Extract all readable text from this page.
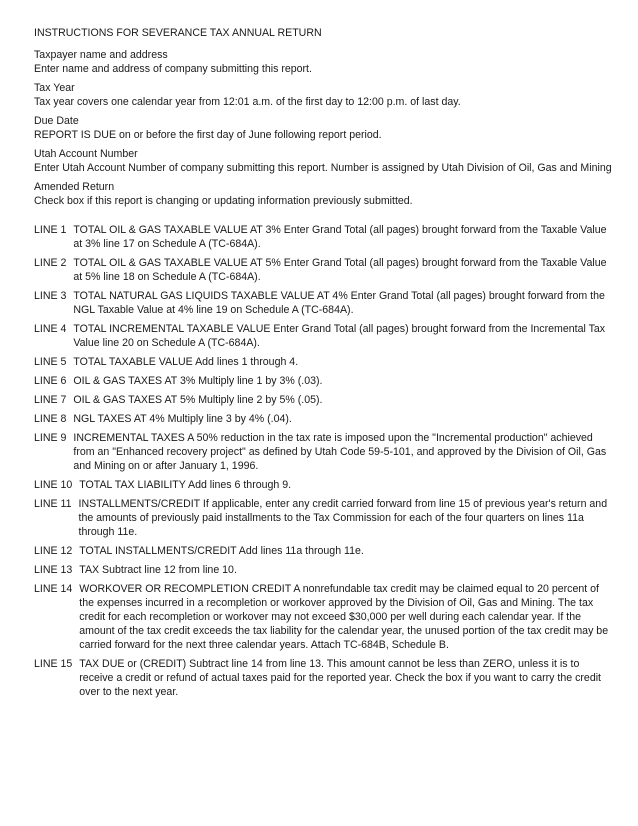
INSTRUCTIONS FOR SEVERANCE TAX ANNUAL RETURN
Taxpayer name and address
Enter name and address of company submitting this report.
Tax Year
Tax year covers one calendar year from 12:01 a.m. of the first day to 12:00 p.m. of last day.
Due Date
REPORT IS DUE on or before the first day of June following report period.
Utah Account Number
Enter Utah Account Number of company submitting this report. Number is assigned by Utah Division of Oil, Gas and Mining
Amended Return
Check box if this report is changing or updating information previously submitted.
LINE 1 TOTAL OIL & GAS TAXABLE VALUE AT 3% Enter Grand Total (all pages) brought forward from the Taxable Value at 3% line 17 on Schedule A (TC-684A).
LINE 2 TOTAL OIL & GAS TAXABLE VALUE AT 5% Enter Grand Total (all pages) brought forward from the Taxable Value at 5% line 18 on Schedule A (TC-684A).
LINE 3 TOTAL NATURAL GAS LIQUIDS TAXABLE VALUE AT 4% Enter Grand Total (all pages) brought forward from the NGL Taxable Value at 4% line 19 on Schedule A (TC-684A).
LINE 4 TOTAL INCREMENTAL TAXABLE VALUE Enter Grand Total (all pages) brought forward from the Incremental Tax Value line 20 on Schedule A (TC-684A).
LINE 5 TOTAL TAXABLE VALUE Add lines 1 through 4.
LINE 6 OIL & GAS TAXES AT 3% Multiply line 1 by 3% (.03).
LINE 7 OIL & GAS TAXES AT 5% Multiply line 2 by 5% (.05).
LINE 8 NGL TAXES AT 4% Multiply line 3 by 4% (.04).
LINE 9 INCREMENTAL TAXES A 50% reduction in the tax rate is imposed upon the "Incremental production" achieved from an "Enhanced recovery project" as defined by Utah Code 59-5-101, and approved by the Division of Oil, Gas and Mining on or after January 1, 1996.
LINE 10 TOTAL TAX LIABILITY Add lines 6 through 9.
LINE 11 INSTALLMENTS/CREDIT If applicable, enter any credit carried forward from line 15 of previous year's return and the amounts of previously paid installments to the Tax Commission for each of the four quarters on lines 11a through 11e.
LINE 12 TOTAL INSTALLMENTS/CREDIT Add lines 11a through 11e.
LINE 13 TAX Subtract line 12 from line 10.
LINE 14 WORKOVER OR RECOMPLETION CREDIT A nonrefundable tax credit may be claimed equal to 20 percent of the expenses incurred in a recompletion or workover approved by the Division of Oil, Gas and Mining. The tax credit for each recompletion or workover may not exceed $30,000 per well during each calendar year. If the amount of the tax credit exceeds the tax liability for the calendar year, the unused portion of the tax credit may be carried forward for the next three calendar years. Attach TC-684B, Schedule B.
LINE 15 TAX DUE or (CREDIT) Subtract line 14 from line 13. This amount cannot be less than ZERO, unless it is to receive a credit or refund of actual taxes paid for the reported year. Check the box if you want to carry the credit over to the next year.
